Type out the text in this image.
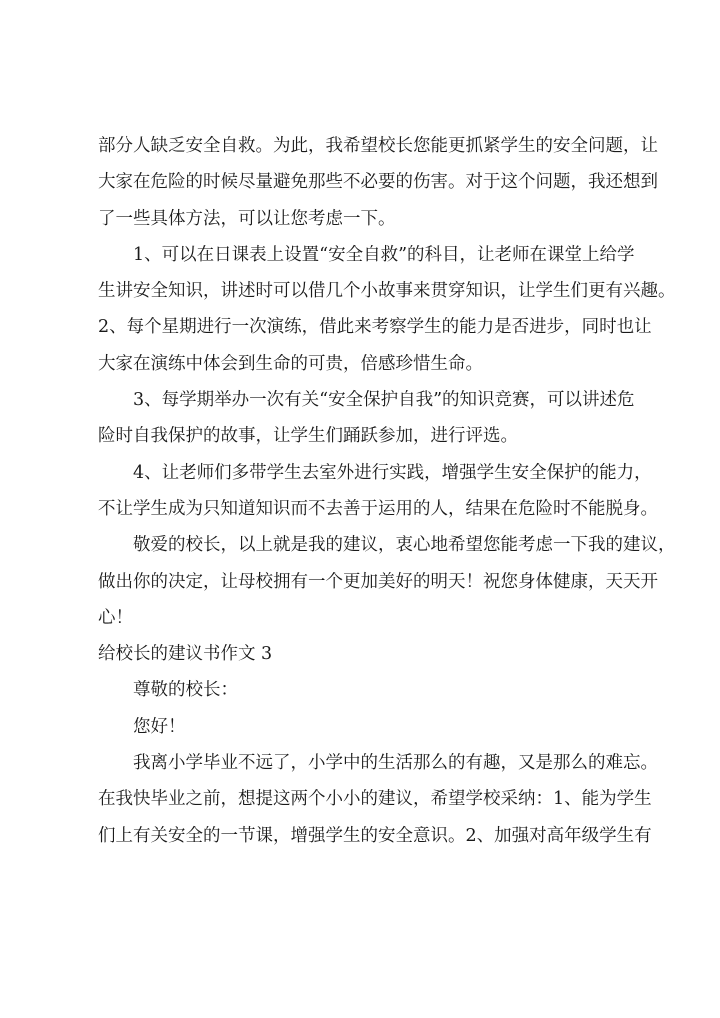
部分人缺乏安全自救。为此，我希望校长您能更抓紧学生的安全问题，让
大家在危险的时候尽量避免那些不必要的伤害。对于这个问题，我还想到
了一些具体方法，可以让您考虑一下。
1、可以在日课表上设置“安全自救”的科目，让老师在课堂上给学
生讲安全知识，讲述时可以借几个小故事来贯穿知识，让学生们更有兴趣。
2、每个星期进行一次演练，借此来考察学生的能力是否进步，同时也让
大家在演练中体会到生命的可贵，倍感珍惜生命。
3、每学期举办一次有关“安全保护自我”的知识竞赛，可以讲述危
险时自我保护的故事，让学生们踊跃参加，进行评选。
4、让老师们多带学生去室外进行实践，增强学生安全保护的能力，
不让学生成为只知道知识而不去善于运用的人，结果在危险时不能脱身。
敬爱的校长，以上就是我的建议，衷心地希望您能考虑一下我的建议，
做出你的决定，让母校拥有一个更加美好的明天！祝您身体健康，天天开
心！
给校长的建议书作文 3
尊敬的校长：
您好！
我离小学毕业不远了，小学中的生活那么的有趣，又是那么的难忘。
在我快毕业之前，想提这两个小小的建议，希望学校采纳：1、能为学生
们上有关安全的一节课，增强学生的安全意识。2、加强对高年级学生有
